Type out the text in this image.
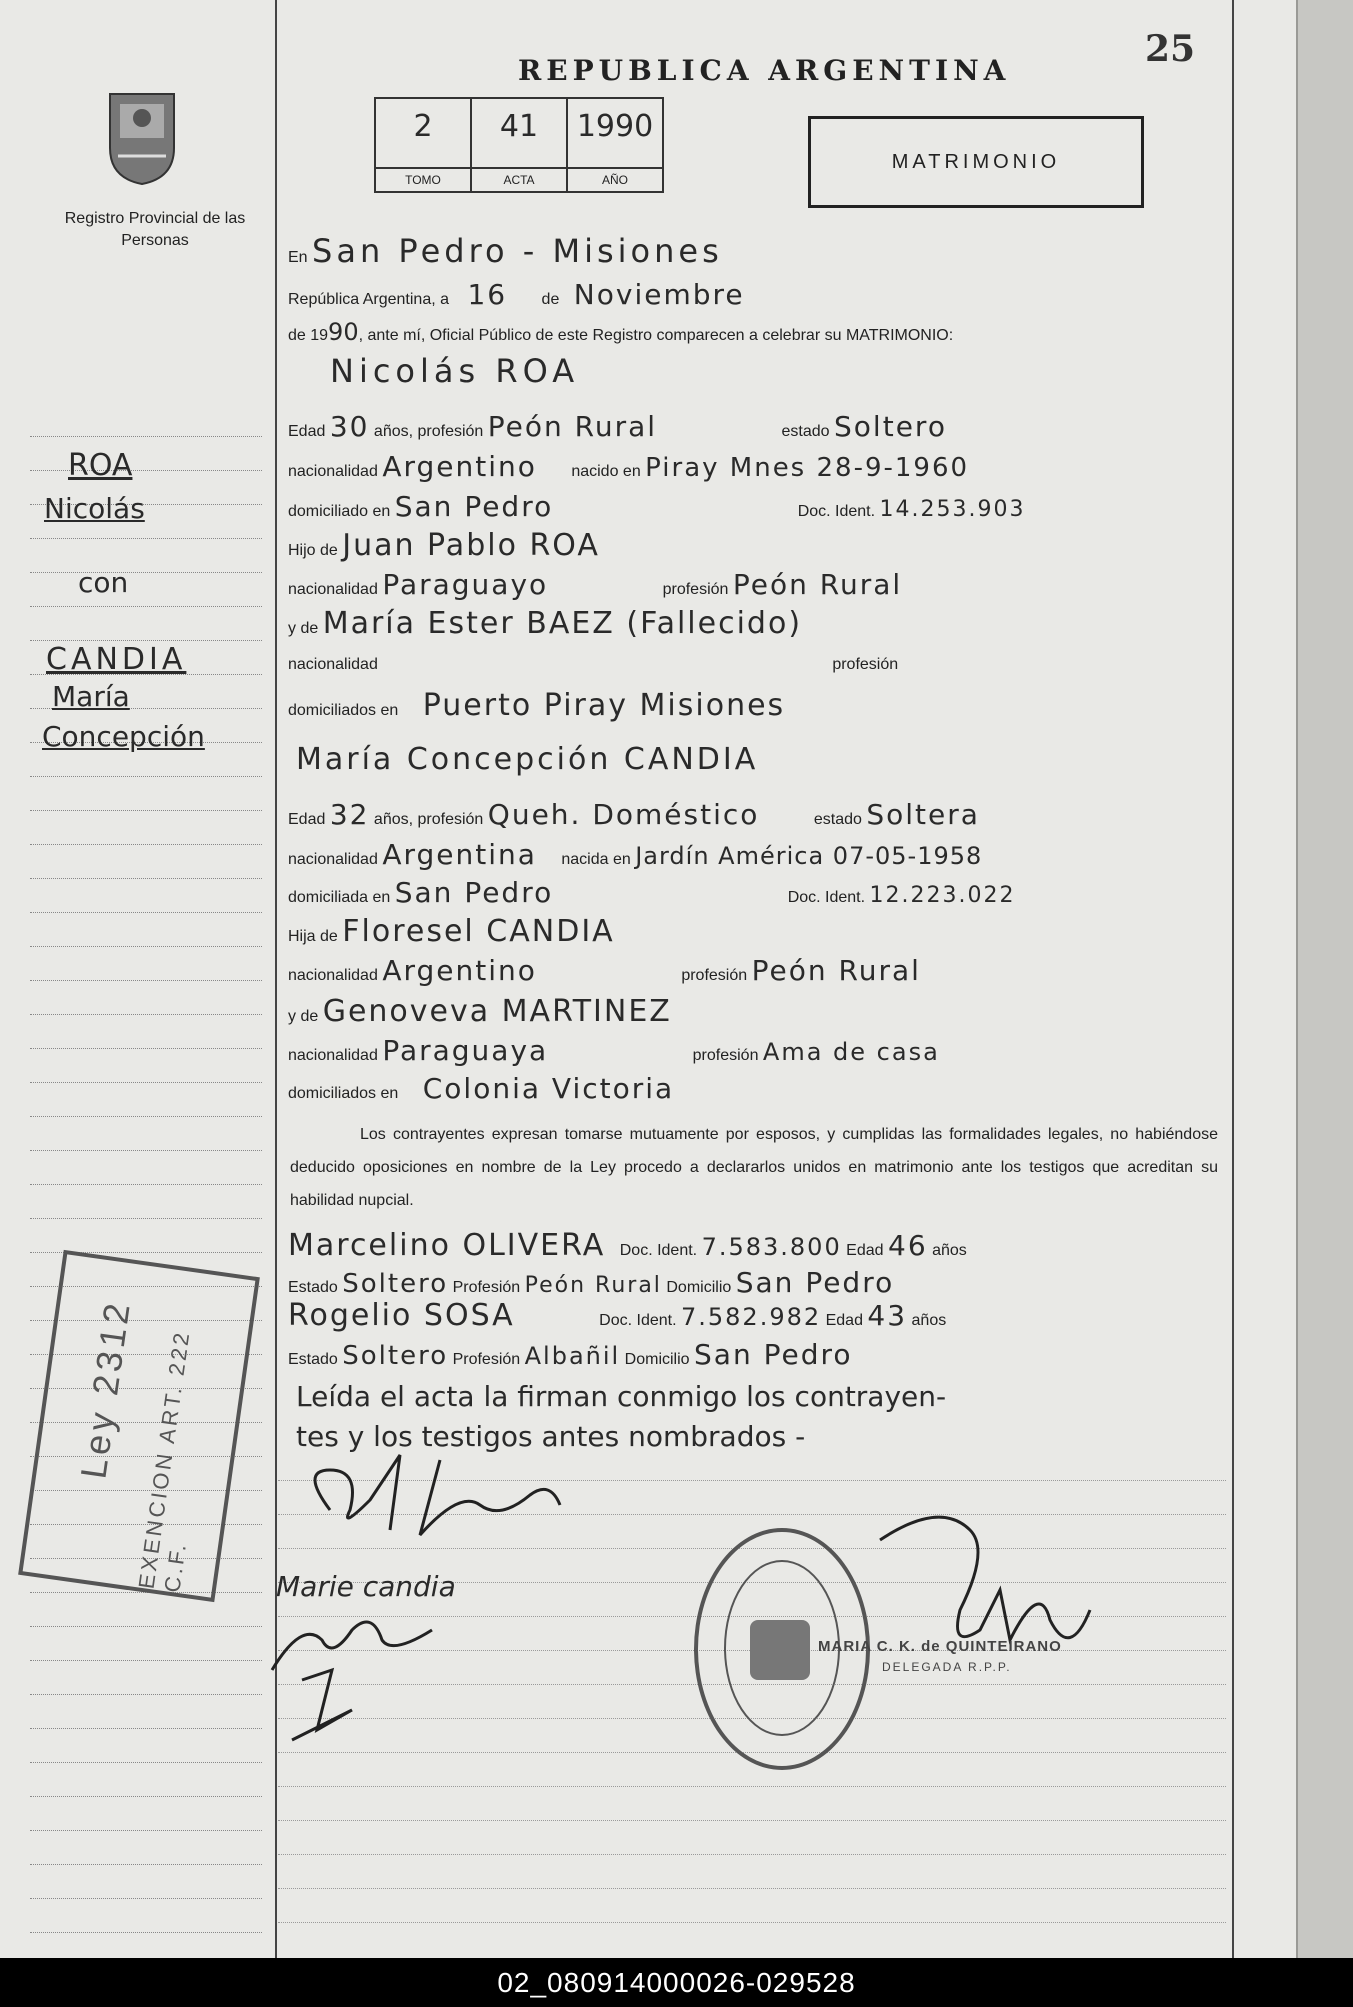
25
REPUBLICA ARGENTINA
Registro Provincial de las Personas
2
TOMO
41
ACTA
1990
AÑO
MATRIMONIO
ROA
Nicolás
con
CANDIA
María
Concepción
En San Pedro - Misiones
República Argentina, a 16 de Noviembre
de 1990, ante mí, Oficial Público de este Registro comparecen a celebrar su MATRIMONIO:
Nicolás ROA
Edad 30 años, profesión Peón Rural	estado Soltero
nacionalidad Argentino nacido en Piray Mnes 28-9-1960
domiciliado en San Pedro	Doc. Ident. 14.253.903
Hijo de Juan Pablo ROA
nacionalidad Paraguayo	profesión Peón Rural
y de María Ester BAEZ (Fallecido)
nacionalidad	profesión
domiciliados en Puerto Piray Misiones
María Concepción CANDIA
Edad 32 años, profesión Queh. Doméstico	estado Soltera
nacionalidad Argentina nacida en Jardín América 07-05-1958
domiciliada en San Pedro	Doc. Ident. 12.223.022
Hija de Floresel CANDIA
nacionalidad Argentino	profesión Peón Rural
y de Genoveva MARTINEZ
nacionalidad Paraguaya	profesión Ama de casa
domiciliados en Colonia Victoria
Los contrayentes expresan tomarse mutuamente por esposos, y cumplidas las formalidades legales, no habiéndose deducido oposiciones en nombre de la Ley procedo a declararlos unidos en matrimonio ante los testigos que acreditan su habilidad nupcial.
Marcelino OLIVERA Doc. Ident. 7.583.800 Edad 46 años
Estado Soltero Profesión Peón Rural Domicilio San Pedro
Rogelio SOSA	Doc. Ident. 7.582.982 Edad 43 años
Estado Soltero Profesión Albañil Domicilio San Pedro
Leída el acta la firman conmigo los contrayen-
tes y los testigos antes nombrados -
Marie candia
Ley 2312
EXENCION ART. 222 C.F.
MARIA C. K. de QUINTEIRANO
DELEGADA R.P.P.
02_080914000026-029528
